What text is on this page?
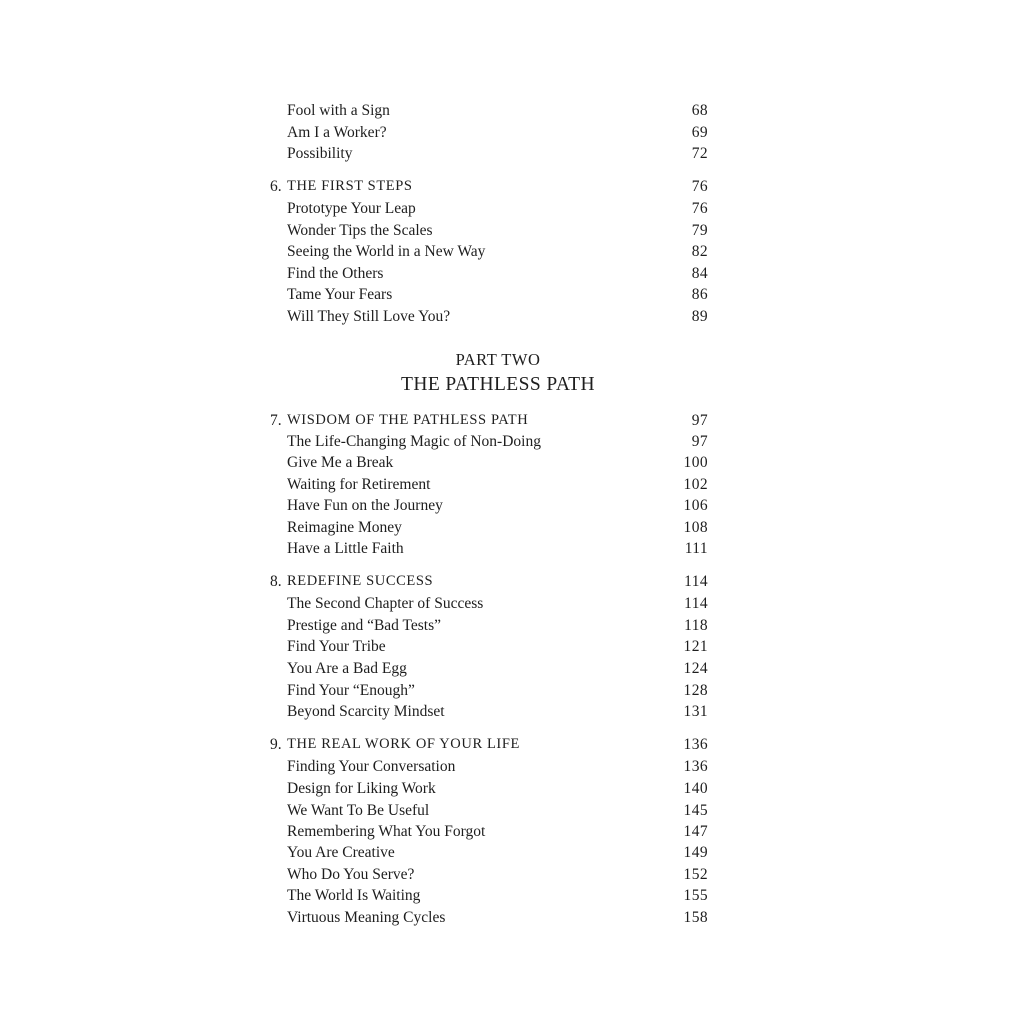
PART TWO
THE PATHLESS PATH
Fool with a Sign	68
Am I a Worker?	69
Possibility	72
6. THE FIRST STEPS	76
Prototype Your Leap	76
Wonder Tips the Scales	79
Seeing the World in a New Way	82
Find the Others	84
Tame Your Fears	86
Will They Still Love You?	89
7. WISDOM OF THE PATHLESS PATH	97
The Life-Changing Magic of Non-Doing	97
Give Me a Break	100
Waiting for Retirement	102
Have Fun on the Journey	106
Reimagine Money	108
Have a Little Faith	111
8. REDEFINE SUCCESS	114
The Second Chapter of Success	114
Prestige and “Bad Tests”	118
Find Your Tribe	121
You Are a Bad Egg	124
Find Your “Enough”	128
Beyond Scarcity Mindset	131
9. THE REAL WORK OF YOUR LIFE	136
Finding Your Conversation	136
Design for Liking Work	140
We Want To Be Useful	145
Remembering What You Forgot	147
You Are Creative	149
Who Do You Serve?	152
The World Is Waiting	155
Virtuous Meaning Cycles	158
